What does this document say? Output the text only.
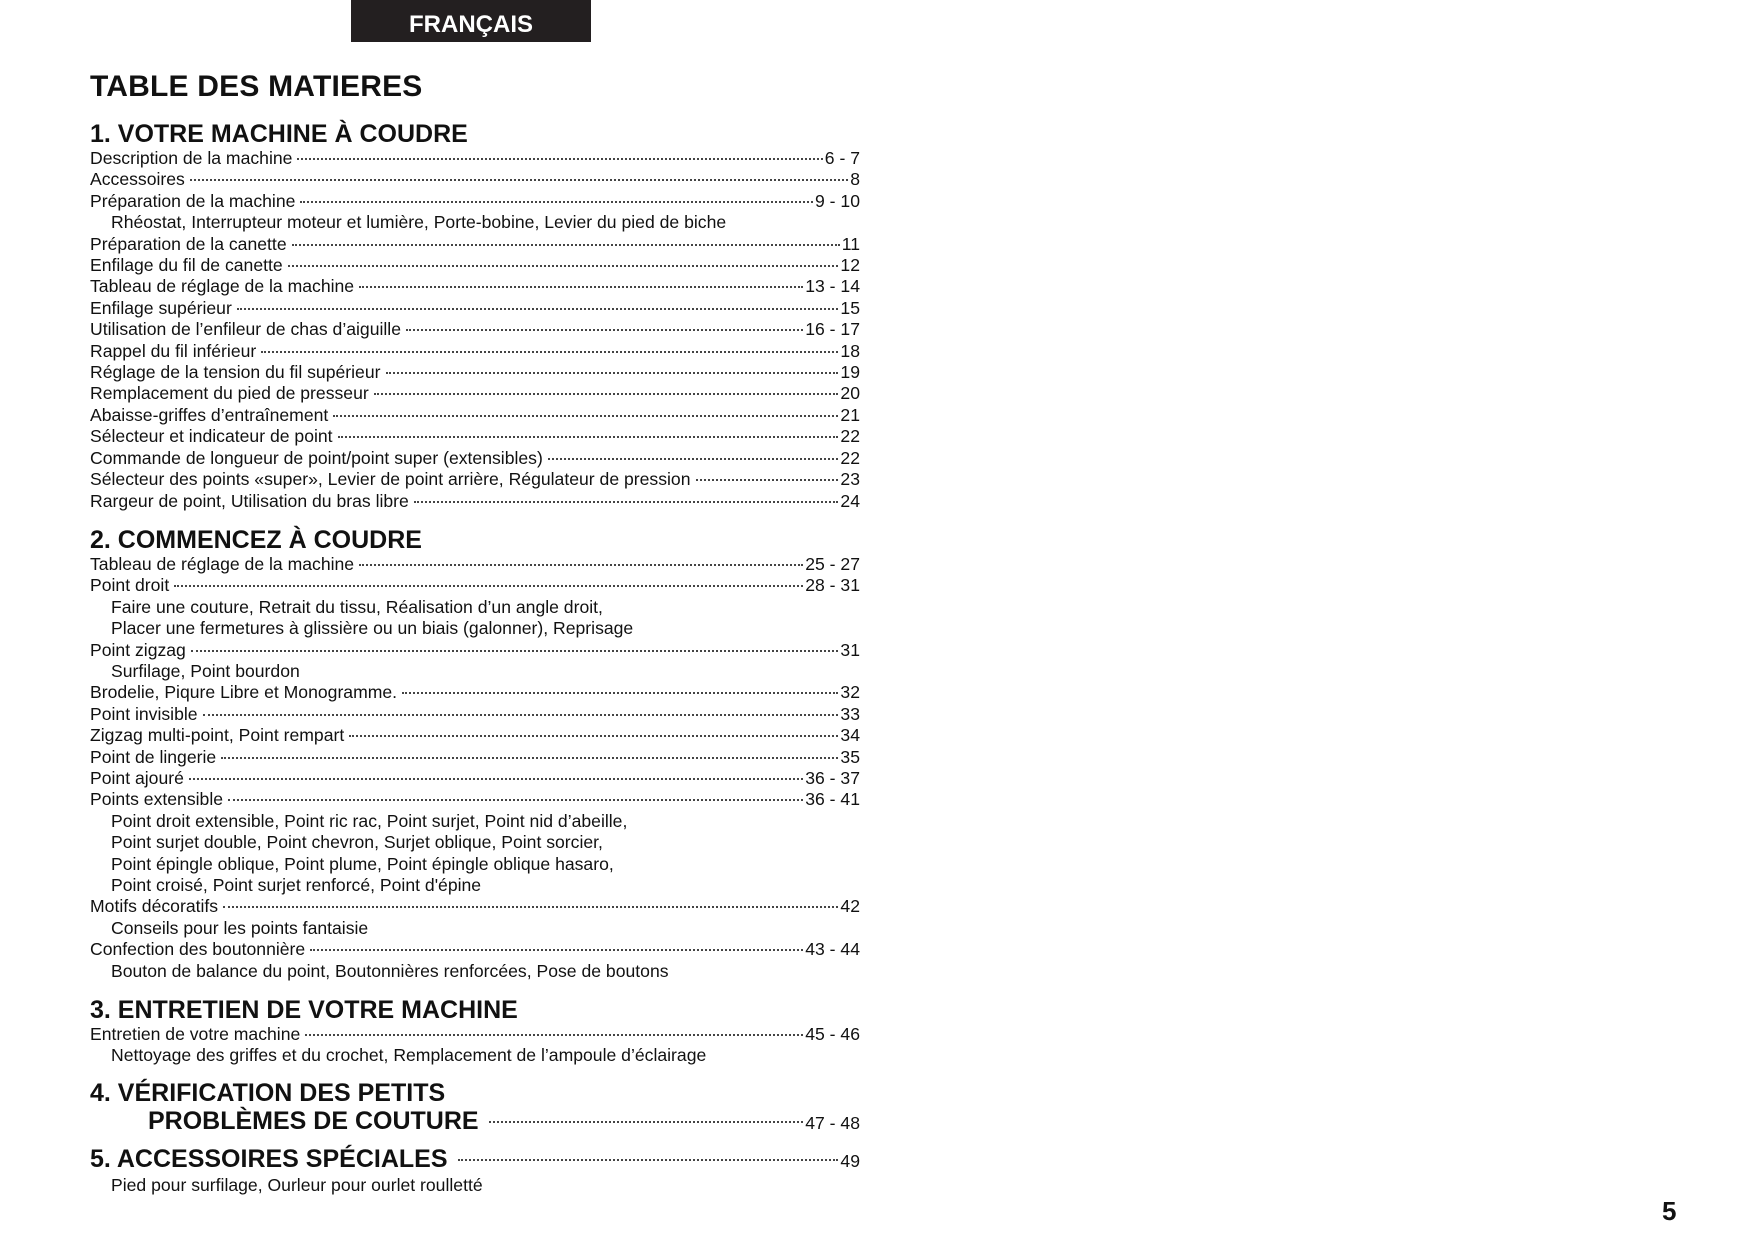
FRANÇAIS
TABLE DES MATIERES
1. VOTRE MACHINE À COUDRE
Description de la machine	6 - 7
Accessoires	8
Préparation de la machine	9 - 10
Rhéostat, Interrupteur moteur et lumière, Porte-bobine, Levier du pied de biche
Préparation de la canette	11
Enfilage du fil de canette	12
Tableau de réglage de la machine	13 - 14
Enfilage supérieur	15
Utilisation de l’enfileur de chas d’aiguille	16 - 17
Rappel du fil inférieur	18
Réglage de la tension du fil supérieur	19
Remplacement du pied de presseur	20
Abaisse-griffes d’entraînement	21
Sélecteur et indicateur de point	22
Commande de longueur de point/point super (extensibles)	22
Sélecteur des points «super», Levier de point arrière, Régulateur de pression	23
Rargeur de point, Utilisation du bras libre	24
2. COMMENCEZ À COUDRE
Tableau de réglage de la machine	25 - 27
Point droit	28 - 31
Faire une couture, Retrait du tissu, Réalisation d’un angle droit,
Placer une fermetures à glissière ou un biais (galonner), Reprisage
Point zigzag	31
Surfilage, Point bourdon
Brodelie, Piqure Libre et Monogramme.	32
Point invisible	33
Zigzag multi-point, Point rempart	34
Point de lingerie	35
Point ajouré	36 - 37
Points extensible	36 - 41
Point droit extensible, Point ric rac, Point surjet, Point nid d’abeille,
Point surjet double, Point chevron, Surjet oblique, Point sorcier,
Point épingle oblique, Point plume, Point épingle oblique hasaro,
Point croisé, Point surjet renforcé, Point d'épine
Motifs décoratifs	42
Conseils pour les points fantaisie
Confection des boutonnière	43 - 44
Bouton de balance du point, Boutonnières renforcées, Pose de boutons
3. ENTRETIEN DE VOTRE MACHINE
Entretien de votre machine	45 - 46
Nettoyage des griffes et du crochet, Remplacement de l’ampoule d’éclairage
4. VÉRIFICATION DES PETITS
PROBLÈMES DE COUTURE	47 - 48
5. ACCESSOIRES SPÉCIALES	49
Pied pour surfilage, Ourleur pour ourlet roulletté
5
